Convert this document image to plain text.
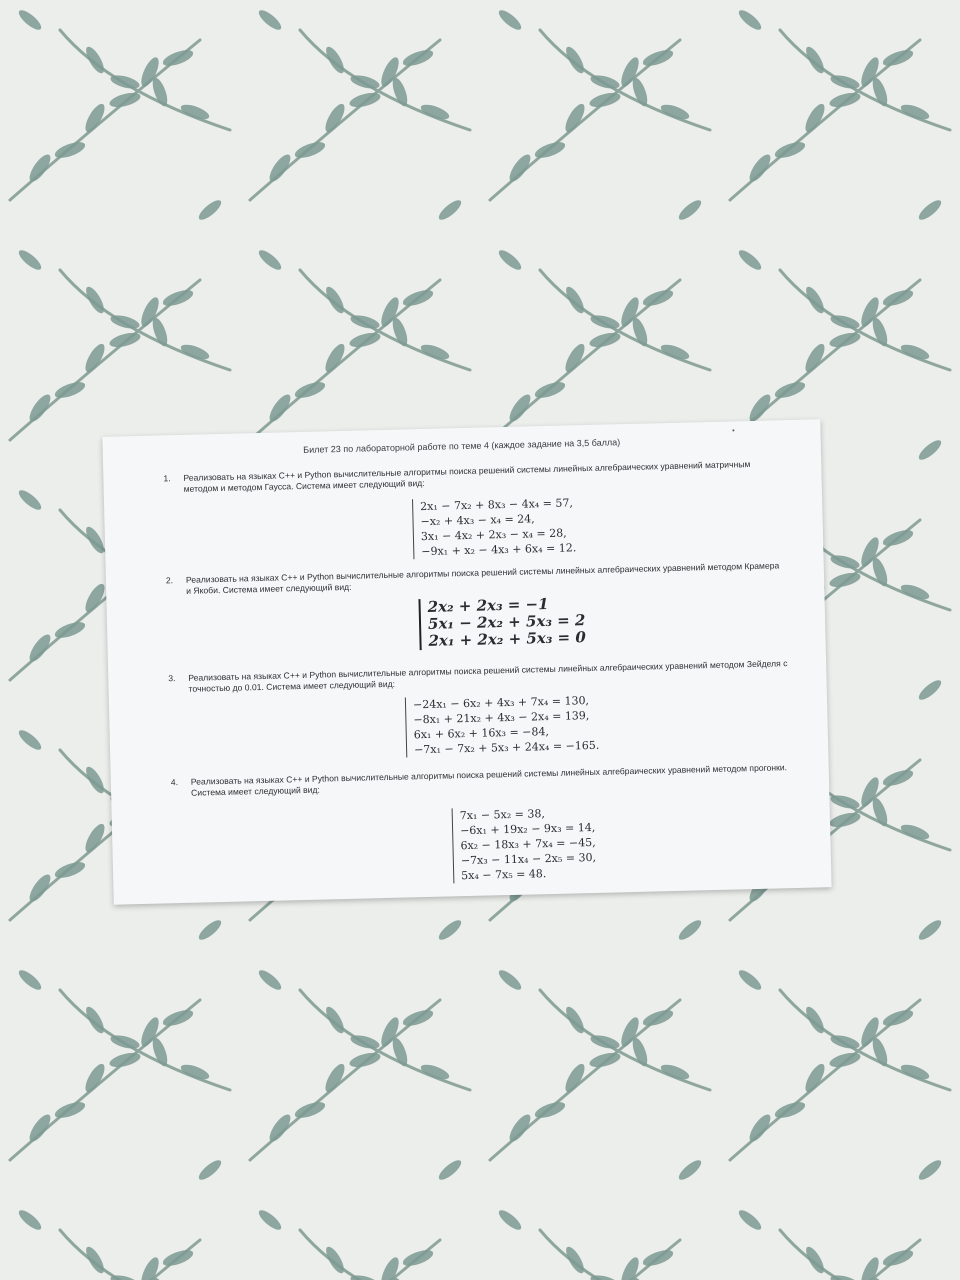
Билет 23 по лабораторной работе по теме 4 (каждое задание на 3,5 балла)
1. Реализовать на языках С++ и Python вычислительные алгоритмы поиска решений системы линейных алгебраических уравнений матричным методом и методом Гаусса. Система имеет следующий вид:

2x₁ − 7x₂ + 8x₃ − 4x₄ = 57,
−x₂ + 4x₃ − x₄ = 24,
3x₁ − 4x₂ + 2x₃ − x₄ = 28,
−9x₁ + x₂ − 4x₃ + 6x₄ = 12.
2. Реализовать на языках С++ и Python вычислительные алгоритмы поиска решений системы линейных алгебраических уравнений методом Крамера и Якоби. Система имеет следующий вид:

2x₂ + 2x₃ = −1
5x₁ − 2x₂ + 5x₃ = 2
2x₁ + 2x₂ + 5x₃ = 0
3. Реализовать на языках С++ и Python вычислительные алгоритмы поиска решений системы линейных алгебраических уравнений методом Зейделя с точностью до 0.01. Система имеет следующий вид:

−24x₁ − 6x₂ + 4x₃ + 7x₄ = 130,
−8x₁ + 21x₂ + 4x₃ − 2x₄ = 139,
6x₁ + 6x₂ + 16x₃ = −84,
−7x₁ − 7x₂ + 5x₃ + 24x₄ = −165.
4. Реализовать на языках С++ и Python вычислительные алгоритмы поиска решений системы линейных алгебраических уравнений методом прогонки. Система имеет следующий вид:

7x₁ − 5x₂ = 38,
−6x₁ + 19x₂ − 9x₃ = 14,
6x₂ − 18x₃ + 7x₄ = −45,
−7x₃ − 11x₄ − 2x₅ = 30,
5x₄ − 7x₅ = 48.
